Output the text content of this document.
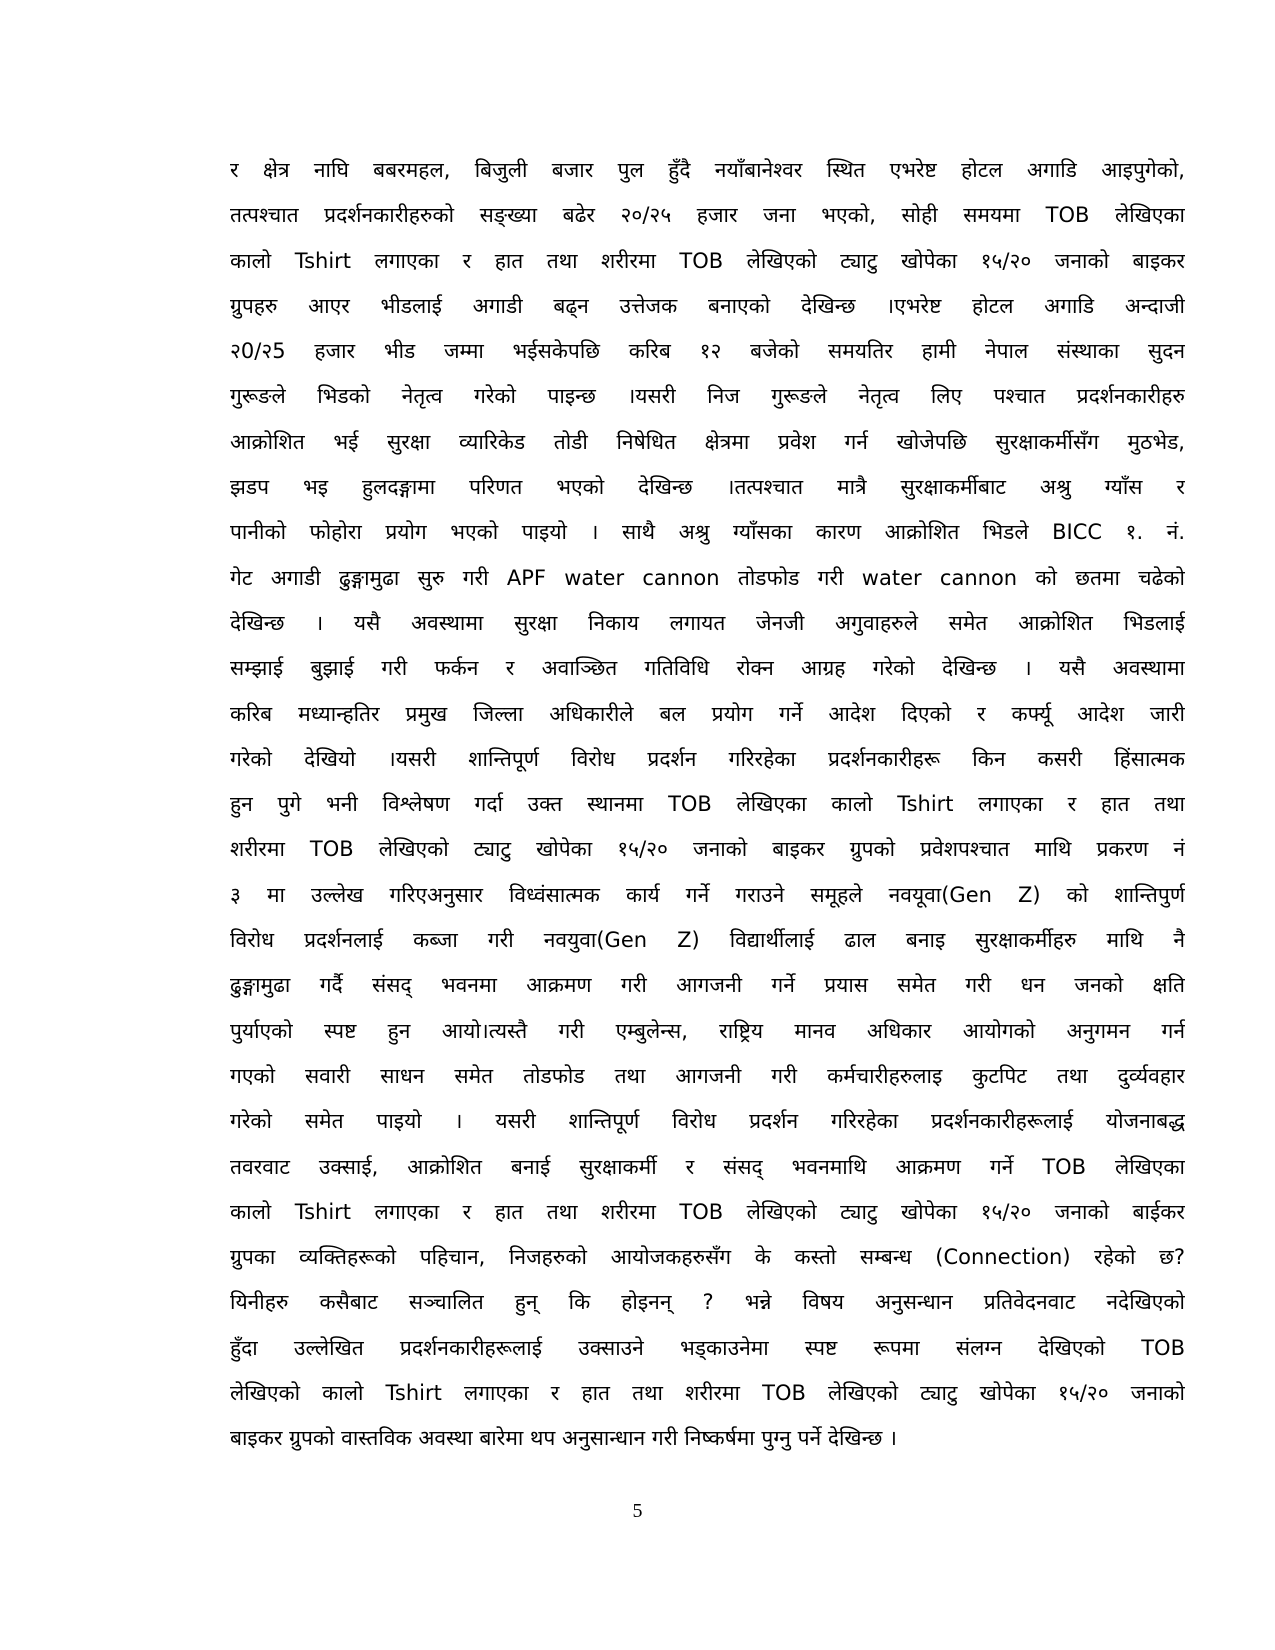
र क्षेत्र नाघि बबरमहल, बिजुली बजार पुल हुँदै नयाँबानेश्वर स्थित एभरेष्ट होटल अगाडि आइपुगेको,
तत्पश्चात प्रदर्शनकारीहरुको सङ्ख्या बढेर २०/२५ हजार जना भएको, सोही समयमा TOB लेखिएका
कालो Tshirt लगाएका र हात तथा शरीरमा TOB लेखिएको ट्याटु खोपेका १५/२० जनाको बाइकर
ग्रुपहरु आएर भीडलाई अगाडी बढ्न उत्तेजक बनाएको देखिन्छ ।एभरेष्ट होटल अगाडि अन्दाजी
२0/२5 हजार भीड जम्मा भईसकेपछि करिब १२ बजेको समयतिर हामी नेपाल संस्थाका सुदन
गुरूङले भिडको नेतृत्व गरेको पाइन्छ ।यसरी निज गुरूङले नेतृत्व लिए पश्चात प्रदर्शनकारीहरु
आक्रोशित भई सुरक्षा व्यारिकेड तोडी निषेधित क्षेत्रमा प्रवेश गर्न खोजेपछि सुरक्षाकर्मीसँग मुठभेड,
झडप भइ हुलदङ्गामा परिणत भएको देखिन्छ ।तत्पश्चात मात्रै सुरक्षाकर्मीबाट अश्रु ग्याँस र
पानीको फोहोरा प्रयोग भएको पाइयो । साथै अश्रु ग्याँसका कारण आक्रोशित भिडले BICC १. नं.
गेट अगाडी ढुङ्गामुढा सुरु गरी APF water cannon तोडफोड गरी water cannon को छतमा चढेको
देखिन्छ । यसै अवस्थामा सुरक्षा निकाय लगायत जेनजी अगुवाहरुले समेत आक्रोशित भिडलाई
सम्झाई बुझाई गरी फर्कन र अवाञ्छित गतिविधि रोक्न आग्रह गरेको देखिन्छ । यसै अवस्थामा
करिब मध्यान्हतिर प्रमुख जिल्ला अधिकारीले बल प्रयोग गर्ने आदेश दिएको र कर्फ्यू आदेश जारी
गरेको देखियो ।यसरी शान्तिपूर्ण विरोध प्रदर्शन गरिरहेका प्रदर्शनकारीहरू किन कसरी हिंसात्मक
हुन पुगे भनी विश्लेषण गर्दा उक्त स्थानमा TOB लेखिएका कालो Tshirt लगाएका र हात तथा
शरीरमा TOB लेखिएको ट्याटु खोपेका १५/२० जनाको बाइकर ग्रुपको प्रवेशपश्चात माथि प्रकरण नं
३ मा उल्लेख गरिएअनुसार विध्वंसात्मक कार्य गर्ने गराउने समूहले नवयूवा(Gen Z) को शान्तिपुर्ण
विरोध प्रदर्शनलाई कब्जा गरी नवयुवा(Gen Z) विद्यार्थीलाई ढाल बनाइ सुरक्षाकर्मीहरु माथि नै
ढुङ्गामुढा गर्दै संसद् भवनमा आक्रमण गरी आगजनी गर्ने प्रयास समेत गरी धन जनको क्षति
पुर्याएको स्पष्ट हुन आयो।त्यस्तै गरी एम्बुलेन्स, राष्ट्रिय मानव अधिकार आयोगको अनुगमन गर्न
गएको सवारी साधन समेत तोडफोड तथा आगजनी गरी कर्मचारीहरुलाइ कुटपिट तथा दुर्व्यवहार
गरेको समेत पाइयो । यसरी शान्तिपूर्ण विरोध प्रदर्शन गरिरहेका प्रदर्शनकारीहरूलाई योजनाबद्ध
तवरवाट उक्साई, आक्रोशित बनाई सुरक्षाकर्मी र संसद् भवनमाथि आक्रमण गर्ने TOB लेखिएका
कालो Tshirt लगाएका र हात तथा शरीरमा TOB लेखिएको ट्याटु खोपेका १५/२० जनाको बाईकर
ग्रुपका व्यक्तिहरूको पहिचान, निजहरुको आयोजकहरुसँग के कस्तो सम्बन्ध (Connection) रहेको छ?
यिनीहरु कसैबाट सञ्चालित हुन् कि होइनन् ? भन्ने विषय अनुसन्धान प्रतिवेदनवाट नदेखिएको
हुँदा उल्लेखित प्रदर्शनकारीहरूलाई उक्साउने भड्काउनेमा स्पष्ट रूपमा संलग्न देखिएको TOB
लेखिएको कालो Tshirt लगाएका र हात तथा शरीरमा TOB लेखिएको ट्याटु खोपेका १५/२० जनाको
बाइकर ग्रुपको वास्तविक अवस्था बारेमा थप अनुसान्धान गरी निष्कर्षमा पुग्नु पर्ने देखिन्छ ।
5
